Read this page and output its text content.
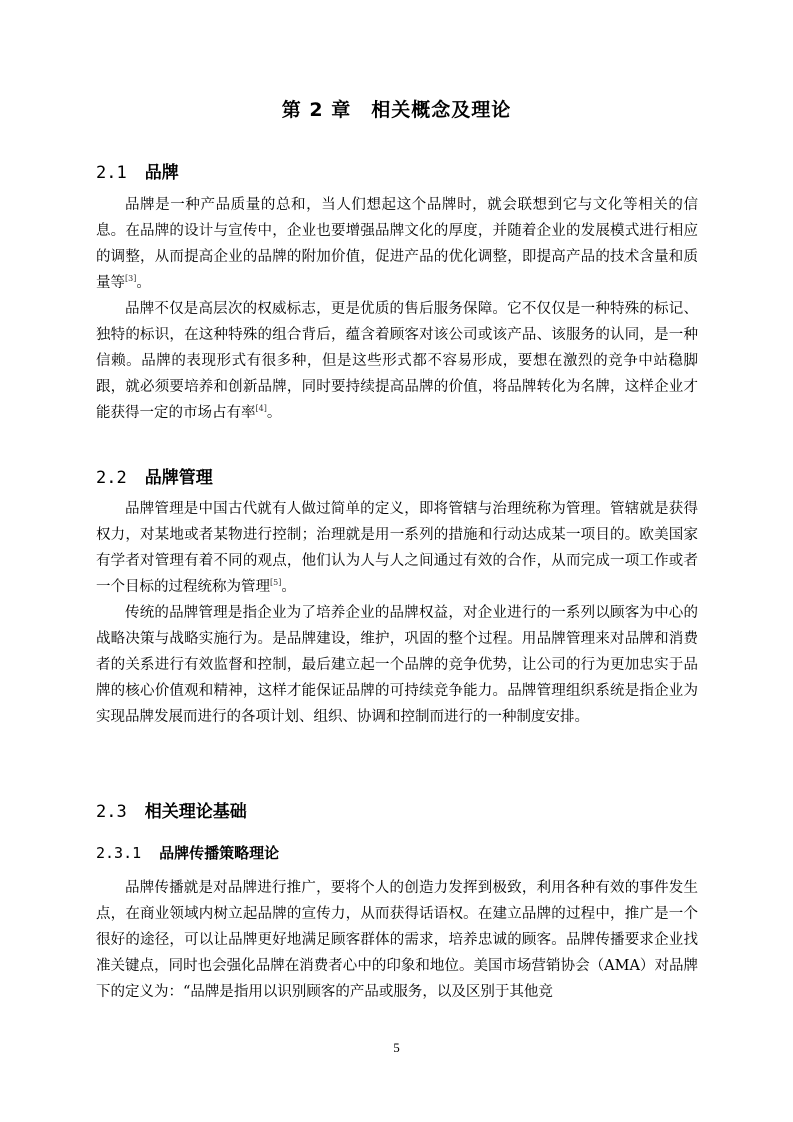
第 2 章　相关概念及理论
2.1 品牌

品牌是一种产品质量的总和，当人们想起这个品牌时，就会联想到它与文化等相关的信息。在品牌的设计与宣传中，企业也要增强品牌文化的厚度，并随着企业的发展模式进行相应的调整，从而提高企业的品牌的附加价值，促进产品的优化调整，即提高产品的技术含量和质量等[3]。

品牌不仅是高层次的权威标志，更是优质的售后服务保障。它不仅仅是一种特殊的标记、独特的标识，在这种特殊的组合背后，蕴含着顾客对该公司或该产品、该服务的认同，是一种信赖。品牌的表现形式有很多种，但是这些形式都不容易形成，要想在激烈的竞争中站稳脚跟，就必须要培养和创新品牌，同时要持续提高品牌的价值，将品牌转化为名牌，这样企业才能获得一定的市场占有率[4]。

2.2 品牌管理

品牌管理是中国古代就有人做过简单的定义，即将管辖与治理统称为管理。管辖就是获得权力，对某地或者某物进行控制；治理就是用一系列的措施和行动达成某一项目的。欧美国家有学者对管理有着不同的观点，他们认为人与人之间通过有效的合作，从而完成一项工作或者一个目标的过程统称为管理[5]。

传统的品牌管理是指企业为了培养企业的品牌权益，对企业进行的一系列以顾客为中心的战略决策与战略实施行为。是品牌建设，维护，巩固的整个过程。用品牌管理来对品牌和消费者的关系进行有效监督和控制，最后建立起一个品牌的竞争优势，让公司的行为更加忠实于品牌的核心价值观和精神，这样才能保证品牌的可持续竞争能力。品牌管理组织系统是指企业为实现品牌发展而进行的各项计划、组织、协调和控制而进行的一种制度安排。

2.3 相关理论基础
2.3.1 品牌传播策略理论

品牌传播就是对品牌进行推广，要将个人的创造力发挥到极致，利用各种有效的事件发生点，在商业领域内树立起品牌的宣传力，从而获得话语权。在建立品牌的过程中，推广是一个很好的途径，可以让品牌更好地满足顾客群体的需求，培养忠诚的顾客。品牌传播要求企业找准关键点，同时也会强化品牌在消费者心中的印象和地位。美国市场营销协会（AMA）对品牌下的定义为：“品牌是指用以识别顾客的产品或服务，以及区别于其他竞

5
